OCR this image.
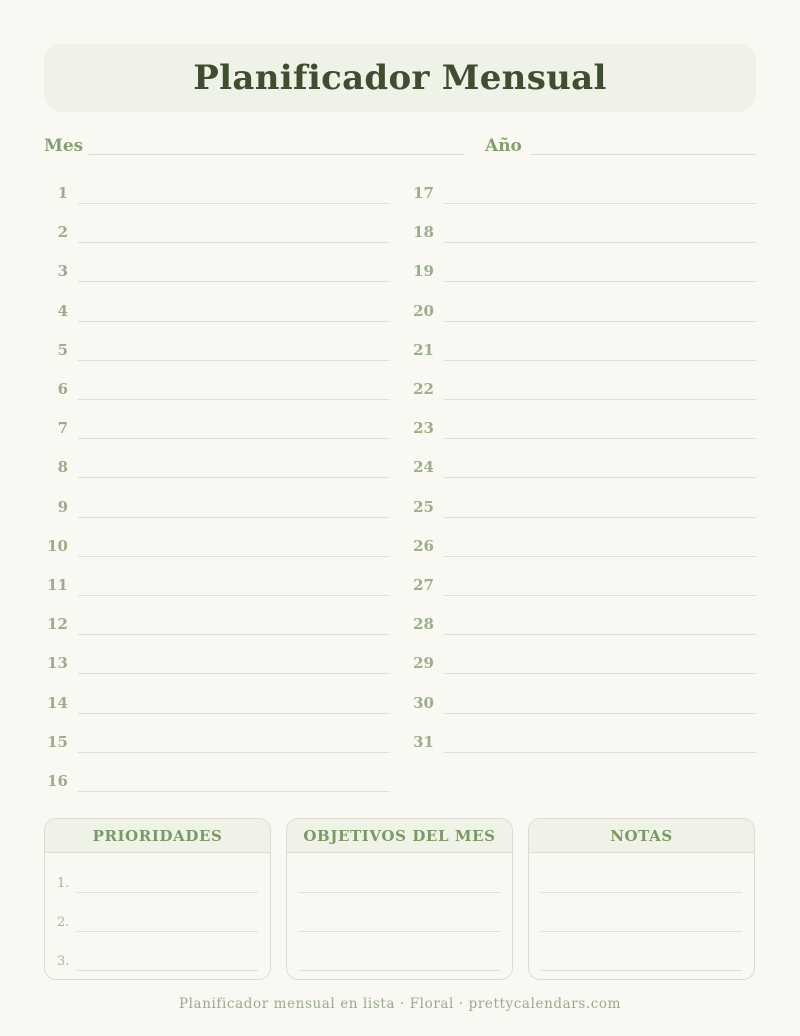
Planificador Mensual
Mes	Año
1
2
3
4
5
6
7
8
9
10
11
12
13
14
15
16
17
18
19
20
21
22
23
24
25
26
27
28
29
30
31
PRIORIDADES
1.
2.
3.
OBJETIVOS DEL MES	NOTAS
Planificador mensual en lista · Floral · prettycalendars.com
